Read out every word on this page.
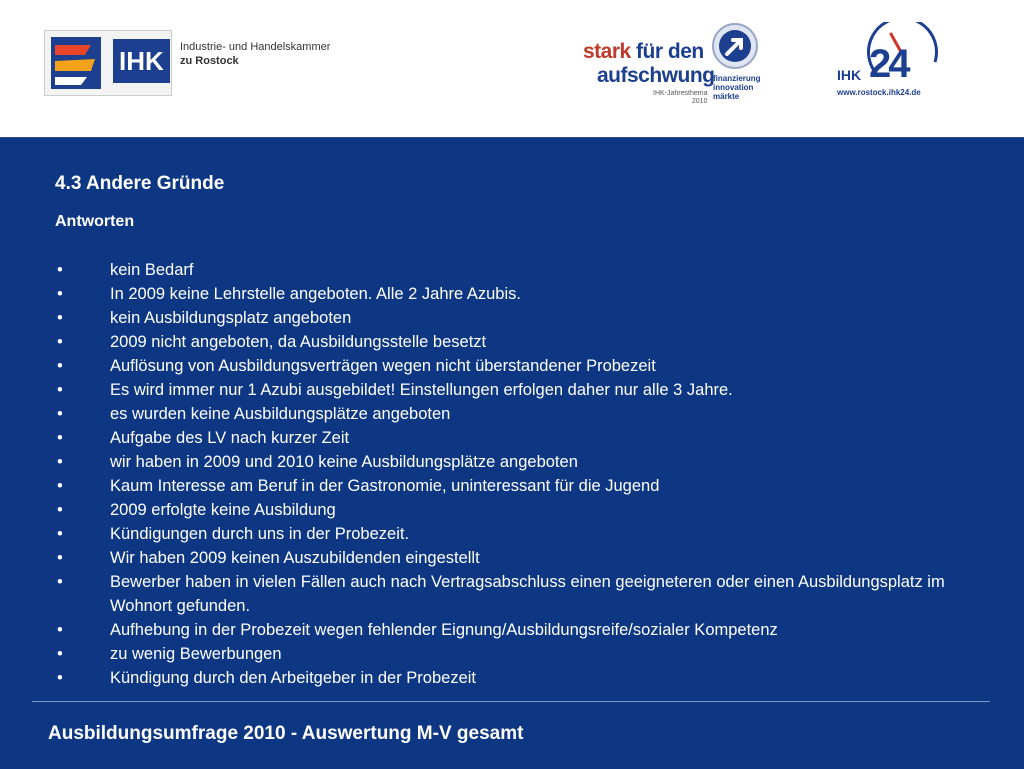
IHK	Industrie- und Handelskammer
zu Rostock	stark für den
aufschwung
IHK-Jahresthema
2010
finanzierung
innovation
märkte
IHK 24
www.rostock.ihk24.de
4.3 Andere Gründe
Antworten
•	kein Bedarf
•	In 2009 keine Lehrstelle angeboten. Alle 2 Jahre Azubis.
•	kein Ausbildungsplatz angeboten
•	2009 nicht angeboten, da Ausbildungsstelle besetzt
•	Auflösung von Ausbildungsverträgen wegen nicht überstandener Probezeit
•	Es wird immer nur 1 Azubi ausgebildet! Einstellungen erfolgen daher nur alle 3 Jahre.
•	es wurden keine Ausbildungsplätze angeboten
•	Aufgabe des LV nach kurzer Zeit
•	wir haben in 2009 und 2010 keine Ausbildungsplätze angeboten
•	Kaum Interesse am Beruf in der Gastronomie, uninteressant für die Jugend
•	2009 erfolgte keine Ausbildung
•	Kündigungen durch uns in der Probezeit.
•	Wir haben 2009 keinen Auszubildenden eingestellt
•	Bewerber haben in vielen Fällen auch nach Vertragsabschluss einen geeigneteren oder einen Ausbildungsplatz im Wohnort gefunden.
•	Aufhebung in der Probezeit wegen fehlender Eignung/Ausbildungsreife/sozialer Kompetenz
•	zu wenig Bewerbungen
•	Kündigung durch den Arbeitgeber in der Probezeit
Ausbildungsumfrage 2010 - Auswertung M-V gesamt
